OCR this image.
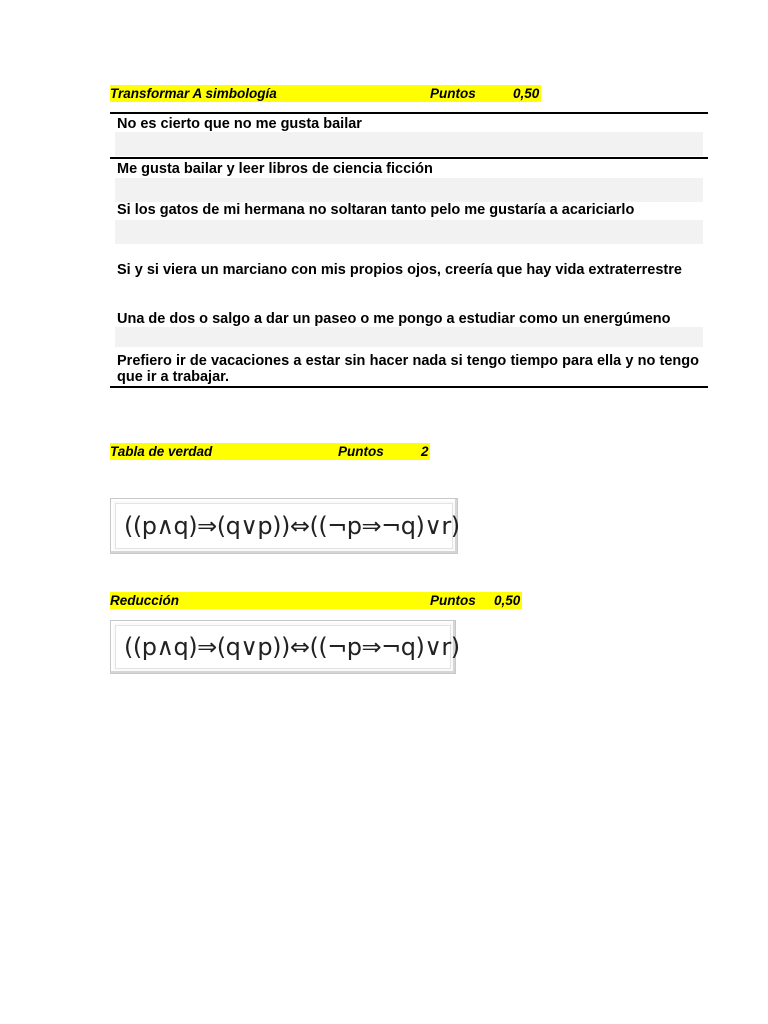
Transformar A simbología	Puntos	0,50
No es cierto que no me gusta bailar
Me gusta bailar y leer libros de ciencia ficción
Si los gatos de mi hermana no soltaran tanto pelo me gustaría a acariciarlo
Si y si viera un marciano con mis propios ojos, creería que hay vida extraterrestre
Una de dos o salgo a dar un paseo o me pongo a estudiar como un energúmeno
Prefiero ir de vacaciones a estar sin hacer nada si tengo tiempo para ella y no tengo que ir a trabajar.
Tabla de verdad	Puntos	2
((p∧q)⇒(q∨p))⇔((¬p⇒¬q)∨r)
Reducción	Puntos 0,50
((p∧q)⇒(q∨p))⇔((¬p⇒¬q)∨r)
